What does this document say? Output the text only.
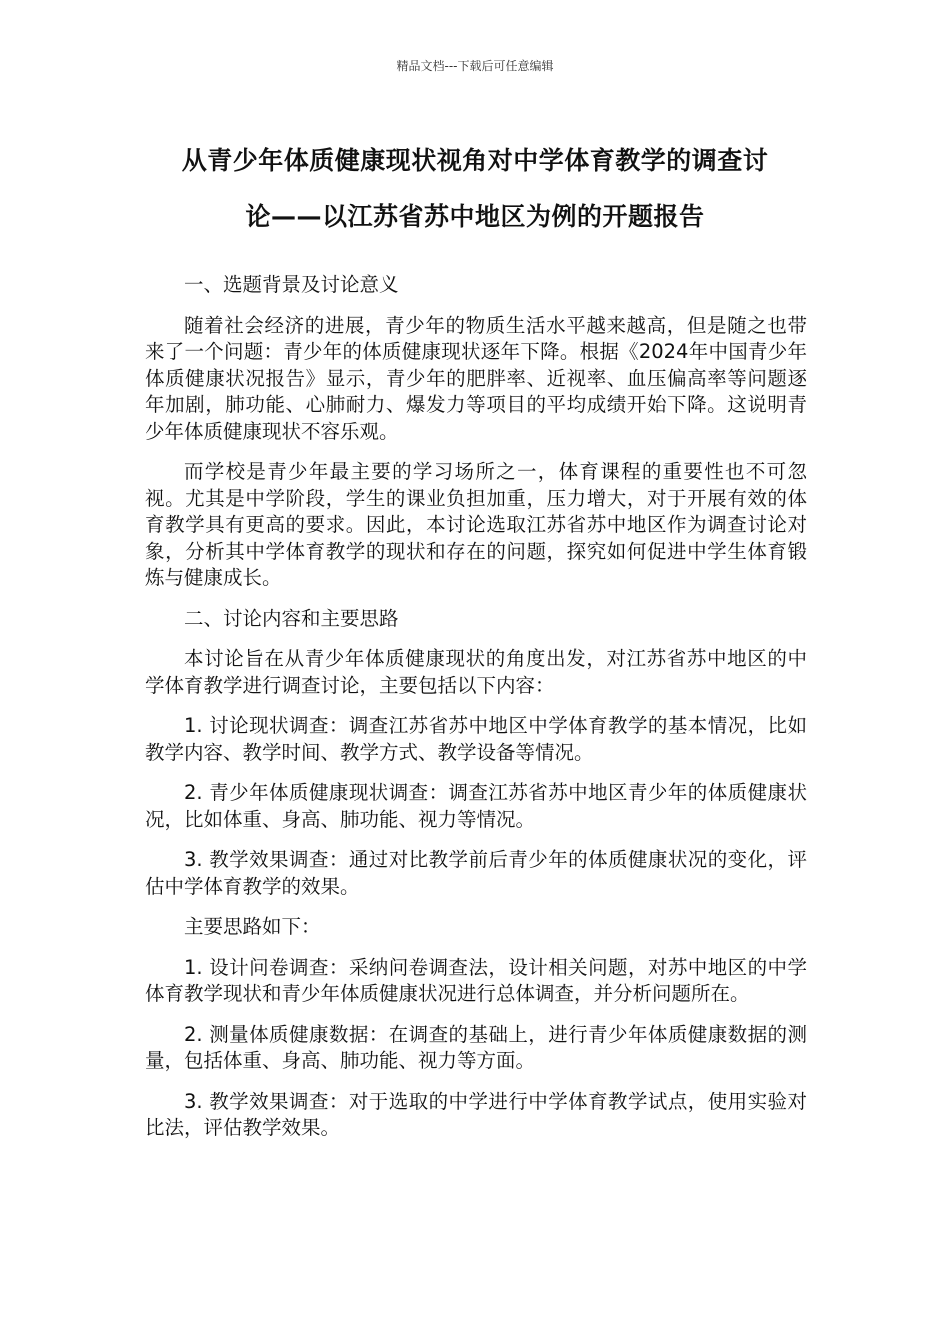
精品文档---下载后可任意编辑
从青少年体质健康现状视角对中学体育教学的调查讨
论——以江苏省苏中地区为例的开题报告

一、选题背景及讨论意义

随着社会经济的进展，青少年的物质生活水平越来越高，但是随之也带来了一个问题：青少年的体质健康现状逐年下降。根据《2024年中国青少年体质健康状况报告》显示，青少年的肥胖率、近视率、血压偏高率等问题逐年加剧，肺功能、心肺耐力、爆发力等项目的平均成绩开始下降。这说明青少年体质健康现状不容乐观。

而学校是青少年最主要的学习场所之一，体育课程的重要性也不可忽视。尤其是中学阶段，学生的课业负担加重，压力增大，对于开展有效的体育教学具有更高的要求。因此，本讨论选取江苏省苏中地区作为调查讨论对象，分析其中学体育教学的现状和存在的问题，探究如何促进中学生体育锻炼与健康成长。

二、讨论内容和主要思路

本讨论旨在从青少年体质健康现状的角度出发，对江苏省苏中地区的中学体育教学进行调查讨论，主要包括以下内容：

1. 讨论现状调查：调查江苏省苏中地区中学体育教学的基本情况，比如教学内容、教学时间、教学方式、教学设备等情况。

2. 青少年体质健康现状调查：调查江苏省苏中地区青少年的体质健康状况，比如体重、身高、肺功能、视力等情况。

3. 教学效果调查：通过对比教学前后青少年的体质健康状况的变化，评估中学体育教学的效果。

主要思路如下：

1. 设计问卷调查：采纳问卷调查法，设计相关问题，对苏中地区的中学体育教学现状和青少年体质健康状况进行总体调查，并分析问题所在。

2. 测量体质健康数据：在调查的基础上，进行青少年体质健康数据的测量，包括体重、身高、肺功能、视力等方面。

3. 教学效果调查：对于选取的中学进行中学体育教学试点，使用实验对比法，评估教学效果。
